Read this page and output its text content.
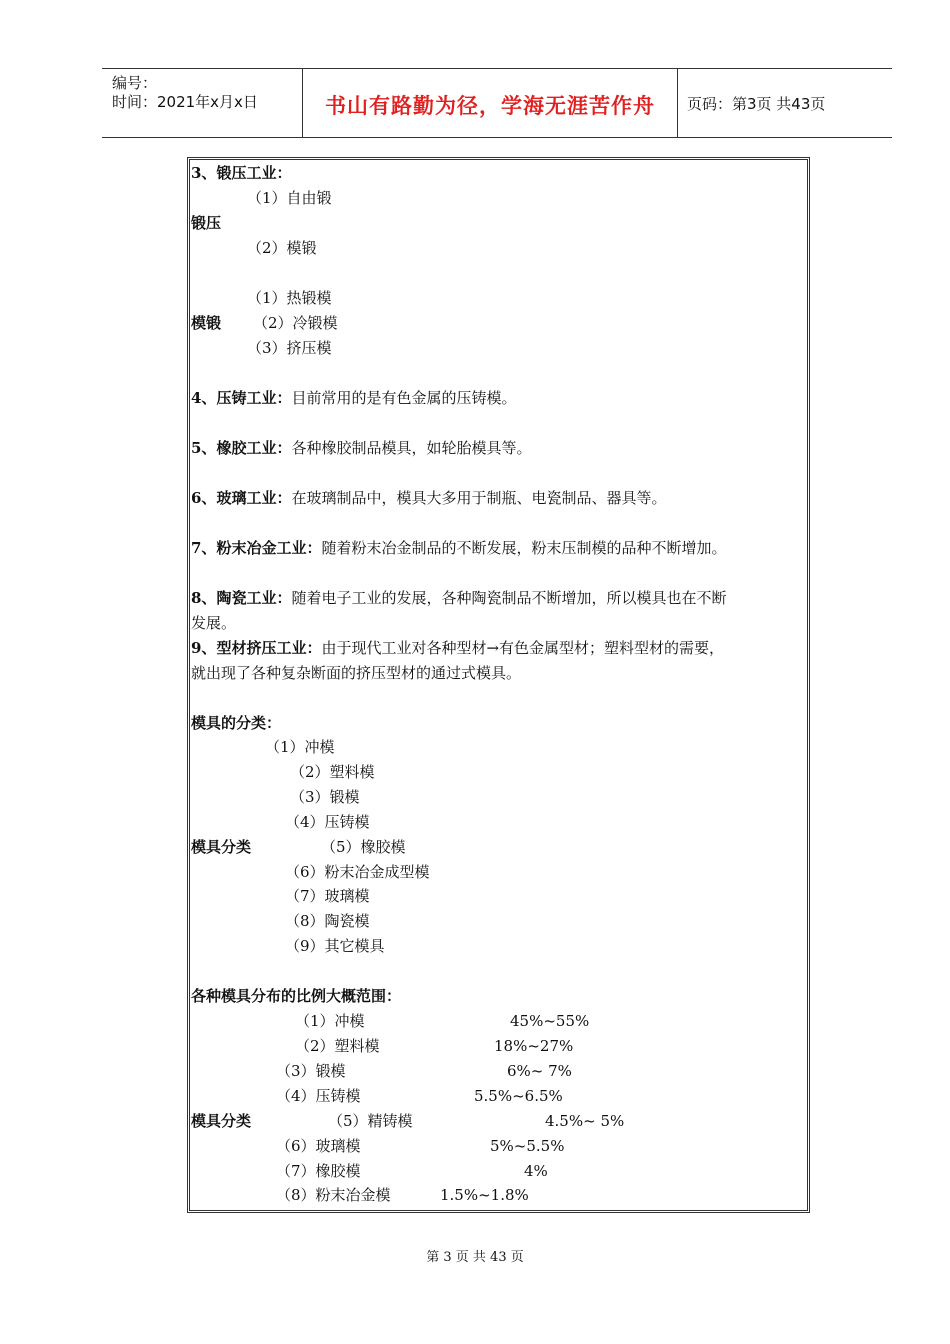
编号：
时间：2021年x月x日	书山有路勤为径，学海无涯苦作舟	页码：第3页 共43页
3、锻压工业：
（1）自由锻
锻压
（2）模锻
（1）热锻模
模锻 （2）冷锻模
（3）挤压模
4、压铸工业：目前常用的是有色金属的压铸模。
5、橡胶工业：各种橡胶制品模具，如轮胎模具等。
6、玻璃工业：在玻璃制品中，模具大多用于制瓶、电瓷制品、器具等。
7、粉末冶金工业：随着粉末冶金制品的不断发展，粉末压制模的品种不断增加。
8、陶瓷工业：随着电子工业的发展，各种陶瓷制品不断增加，所以模具也在不断
发展。
9、型材挤压工业：由于现代工业对各种型材→有色金属型材；塑料型材的需要，
就出现了各种复杂断面的挤压型材的通过式模具。
模具的分类：
（1）冲模
（2）塑料模
（3）锻模
（4）压铸模
模具分类	（5）橡胶模
（6）粉末冶金成型模
（7）玻璃模
（8）陶瓷模
（9）其它模具
各种模具分布的比例大概范围：
（1）冲模	45%~55%
（2）塑料模	18%~27%
（3）锻模	6%~ 7%
（4）压铸模	5.5%~6.5%
模具分类	（5）精铸模	4.5%~ 5%
（6）玻璃模	5%~5.5%
（7）橡胶模	4%
（8）粉末冶金模	1.5%~1.8%
第 3 页 共 43 页
